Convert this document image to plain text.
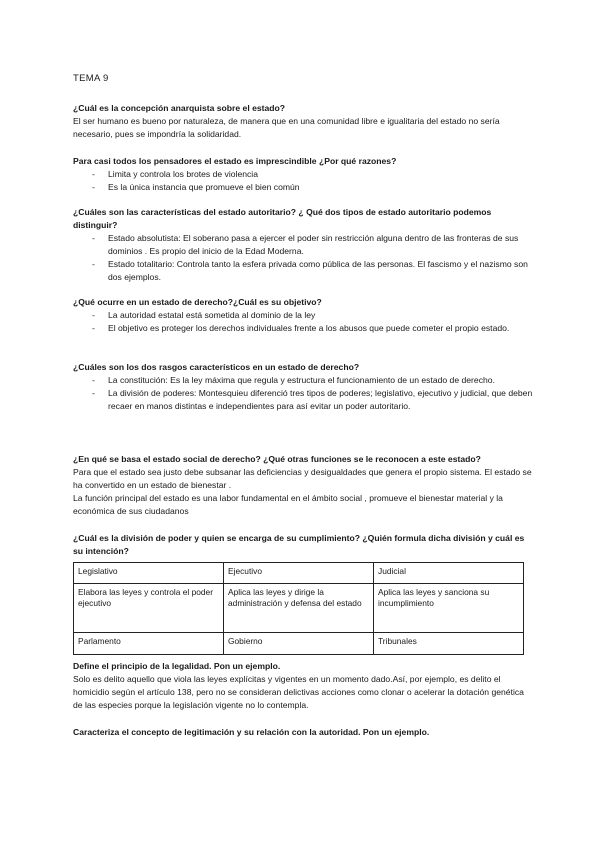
TEMA 9

¿Cuál es la concepción anarquista sobre el estado?

El ser humano es bueno por naturaleza, de manera que en una comunidad libre e igualitaria del estado no sería necesario, pues se impondría la solidaridad.

Para casi todos los pensadores el estado es imprescindible ¿Por qué razones?

- Limita y controla los brotes de violencia
- Es la única instancia que promueve el bien común

¿Cuáles son las características del estado autoritario? ¿ Qué dos tipos de estado autoritario podemos distinguir?

- Estado absolutista: El soberano pasa a ejercer el poder sin restricción alguna dentro de las fronteras de sus dominios . Es propio del inicio de la Edad Moderna.
- Estado totalitario: Controla tanto la esfera privada como pública de las personas. El fascismo y el nazismo son dos ejemplos.

¿Qué ocurre en un estado de derecho?¿Cuál es su objetivo?

- La autoridad estatal está sometida al dominio de la ley
- El objetivo es proteger los derechos individuales frente a los abusos que puede cometer el propio estado.

¿Cuáles son los dos rasgos característicos en un estado de derecho?

- La constitución: Es la ley máxima que regula y estructura el funcionamiento de un estado de derecho.
- La división de poderes: Montesquieu diferenció tres tipos de poderes; legislativo, ejecutivo y judicial, que deben recaer en manos distintas e independientes para así evitar un poder autoritario.

¿En qué se basa el estado social de derecho? ¿Qué otras funciones se le reconocen a este estado?

Para que el estado sea justo debe subsanar las deficiencias y desigualdades que genera el propio sistema. El estado se ha convertido en un estado de bienestar .

La función principal del estado es una labor fundamental en el ámbito social , promueve el bienestar material y la económica de sus ciudadanos

¿Cuál es la división de poder y quien se encarga de su cumplimiento? ¿Quién formula dicha división y cuál es su intención?

Legislativo	Ejecutivo	Judicial
Elabora las leyes y controla el poder ejecutivo	Aplica las leyes y dirige la administración y defensa del estado	Aplica las leyes y sanciona su incumplimiento
Parlamento	Gobierno	Tribunales

Define el principio de la legalidad. Pon un ejemplo.

Solo es delito aquello que viola las leyes explícitas y vigentes en un momento dado.Así, por ejemplo, es delito el homicidio según el artículo 138, pero no se consideran delictivas acciones como clonar o acelerar la dotación genética de las especies porque la legislación vigente no lo contempla.

Caracteriza el concepto de legitimación y su relación con la autoridad. Pon un ejemplo.
